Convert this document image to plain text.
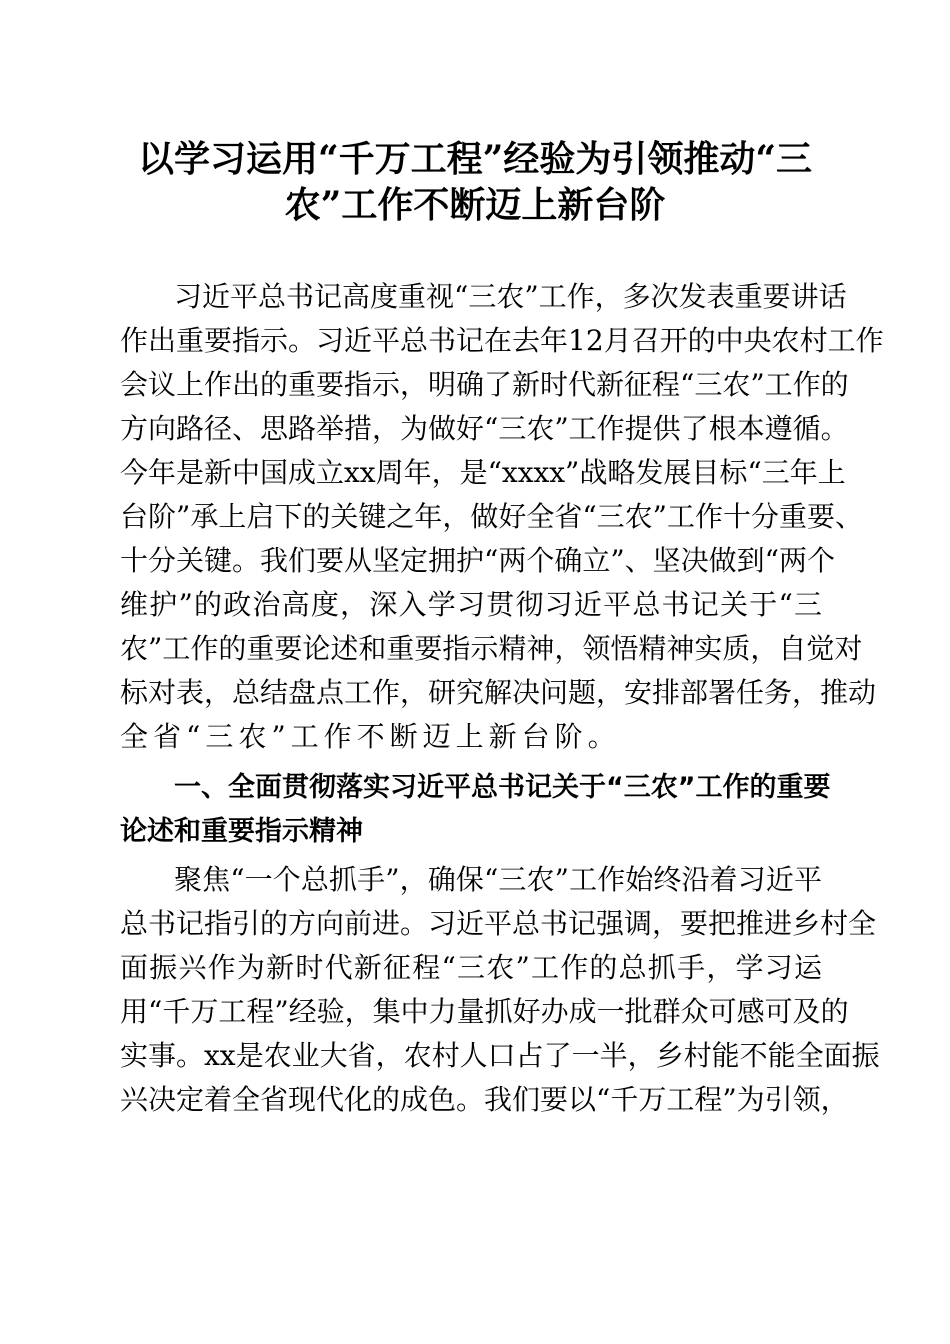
以学习运用“千万工程”经验为引领推动“三
农”工作不断迈上新台阶
习近平总书记高度重视“三农”工作，多次发表重要讲话
作出重要指示。习近平总书记在去年12月召开的中央农村工作
会议上作出的重要指示，明确了新时代新征程“三农”工作的
方向路径、思路举措，为做好“三农”工作提供了根本遵循。
今年是新中国成立xx周年，是“xxxx”战略发展目标“三年上
台阶”承上启下的关键之年，做好全省“三农”工作十分重要、
十分关键。我们要从坚定拥护“两个确立”、坚决做到“两个
维护”的政治高度，深入学习贯彻习近平总书记关于“三
农”工作的重要论述和重要指示精神，领悟精神实质，自觉对
标对表，总结盘点工作，研究解决问题，安排部署任务，推动
全省“三农”工作不断迈上新台阶。
一、全面贯彻落实习近平总书记关于“三农”工作的重要
论述和重要指示精神
聚焦“一个总抓手”，确保“三农”工作始终沿着习近平
总书记指引的方向前进。习近平总书记强调，要把推进乡村全
面振兴作为新时代新征程“三农”工作的总抓手，学习运
用“千万工程”经验，集中力量抓好办成一批群众可感可及的
实事。xx是农业大省，农村人口占了一半，乡村能不能全面振
兴决定着全省现代化的成色。我们要以“千万工程”为引领，
